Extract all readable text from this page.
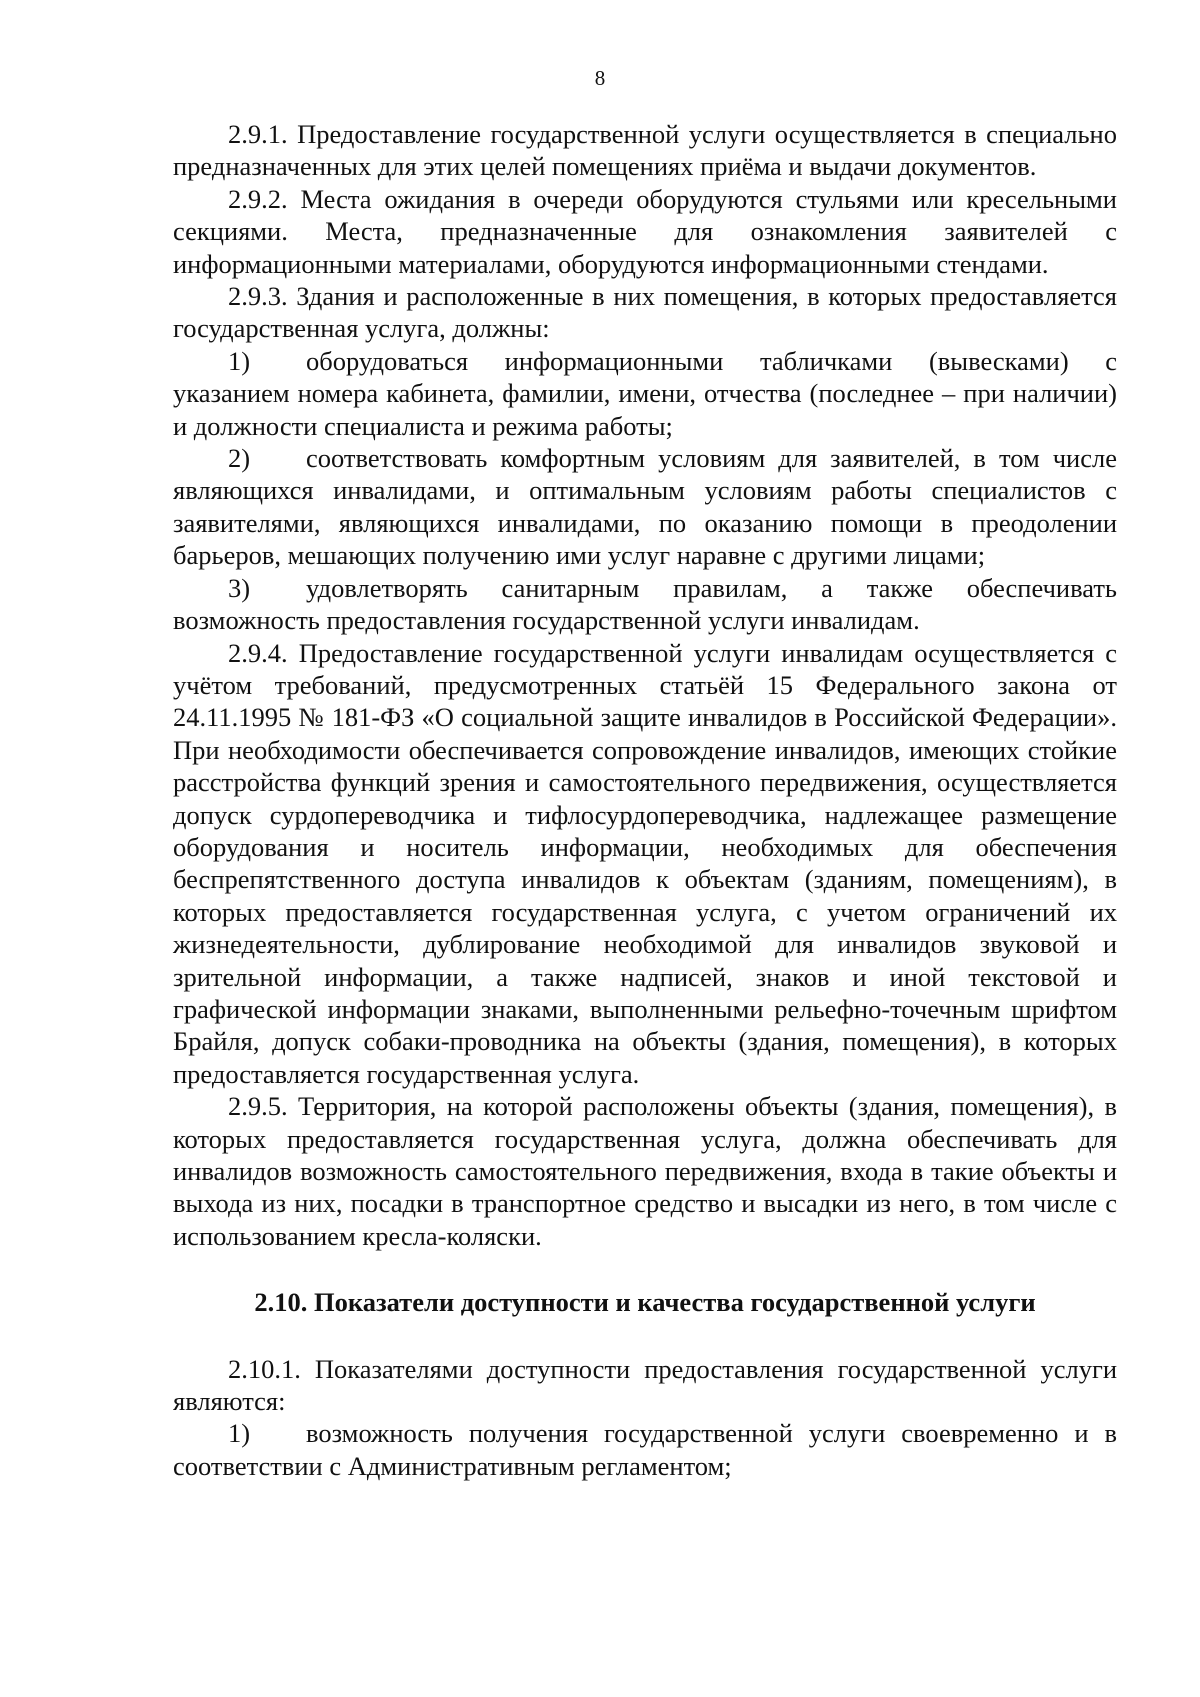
8

2.9.1. Предоставление государственной услуги осуществляется в специально предназначенных для этих целей помещениях приёма и выдачи документов.

2.9.2. Места ожидания в очереди оборудуются стульями или кресельными секциями. Места, предназначенные для ознакомления заявителей с информационными материалами, оборудуются информационными стендами.

2.9.3. Здания и расположенные в них помещения, в которых предоставляется государственная услуга, должны:

1) оборудоваться информационными табличками (вывесками) с указанием номера кабинета, фамилии, имени, отчества (последнее – при наличии) и должности специалиста и режима работы;

2) соответствовать комфортным условиям для заявителей, в том числе являющихся инвалидами, и оптимальным условиям работы специалистов с заявителями, являющихся инвалидами, по оказанию помощи в преодолении барьеров, мешающих получению ими услуг наравне с другими лицами;

3) удовлетворять санитарным правилам, а также обеспечивать возможность предоставления государственной услуги инвалидам.

2.9.4. Предоставление государственной услуги инвалидам осуществляется с учётом требований, предусмотренных статьёй 15 Федерального закона от 24.11.1995 № 181-ФЗ «О социальной защите инвалидов в Российской Федерации». При необходимости обеспечивается сопровождение инвалидов, имеющих стойкие расстройства функций зрения и самостоятельного передвижения, осуществляется допуск сурдопереводчика и тифлосурдопереводчика, надлежащее размещение оборудования и носитель информации, необходимых для обеспечения беспрепятственного доступа инвалидов к объектам (зданиям, помещениям), в которых предоставляется государственная услуга, с учетом ограничений их жизнедеятельности, дублирование необходимой для инвалидов звуковой и зрительной информации, а также надписей, знаков и иной текстовой и графической информации знаками, выполненными рельефно-точечным шрифтом Брайля, допуск собаки-проводника на объекты (здания, помещения), в которых предоставляется государственная услуга.

2.9.5. Территория, на которой расположены объекты (здания, помещения), в которых предоставляется государственная услуга, должна обеспечивать для инвалидов возможность самостоятельного передвижения, входа в такие объекты и выхода из них, посадки в транспортное средство и высадки из него, в том числе с использованием кресла-коляски.

2.10. Показатели доступности и качества государственной услуги

2.10.1. Показателями доступности предоставления государственной услуги являются:

1) возможность получения государственной услуги своевременно и в соответствии с Административным регламентом;
